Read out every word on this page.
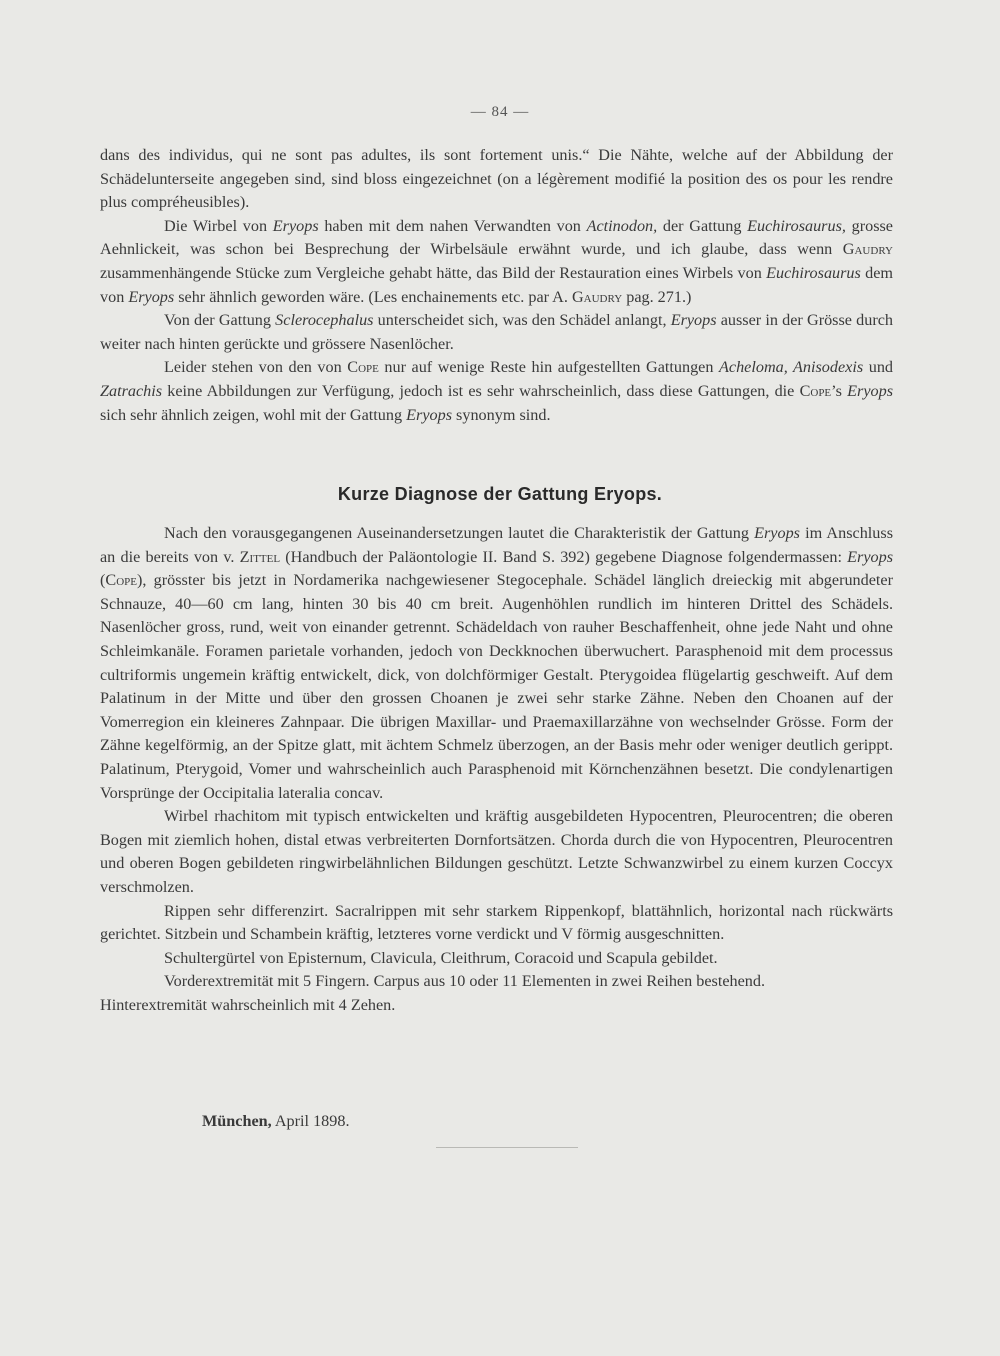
— 84 —

dans des individus, qui ne sont pas adultes, ils sont fortement unis.“ Die Nähte, welche auf der Abbildung der Schädelunterseite angegeben sind, sind bloss eingezeichnet (on a légèrement modifié la position des os pour les rendre plus compréheusibles).

Die Wirbel von Eryops haben mit dem nahen Verwandten von Actinodon, der Gattung Euchirosaurus, grosse Aehnlickeit, was schon bei Besprechung der Wirbelsäule erwähnt wurde, und ich glaube, dass wenn Gaudry zusammenhängende Stücke zum Vergleiche gehabt hätte, das Bild der Restauration eines Wirbels von Euchirosaurus dem von Eryops sehr ähnlich geworden wäre. (Les enchainements etc. par A. Gaudry pag. 271.)

Von der Gattung Sclerocephalus unterscheidet sich, was den Schädel anlangt, Eryops ausser in der Grösse durch weiter nach hinten gerückte und grössere Nasenlöcher.

Leider stehen von den von Cope nur auf wenige Reste hin aufgestellten Gattungen Acheloma, Anisodexis und Zatrachis keine Abbildungen zur Verfügung, jedoch ist es sehr wahrscheinlich, dass diese Gattungen, die Cope’s Eryops sich sehr ähnlich zeigen, wohl mit der Gattung Eryops synonym sind.

Kurze Diagnose der Gattung Eryops.

Nach den vorausgegangenen Auseinandersetzungen lautet die Charakteristik der Gattung Eryops im Anschluss an die bereits von v. Zittel (Handbuch der Paläontologie II. Band S. 392) gegebene Diagnose folgendermassen: Eryops (Cope), grösster bis jetzt in Nordamerika nachgewiesener Stegocephale. Schädel länglich dreieckig mit abgerundeter Schnauze, 40—60 cm lang, hinten 30 bis 40 cm breit. Augenhöhlen rundlich im hinteren Drittel des Schädels. Nasenlöcher gross, rund, weit von einander getrennt. Schädeldach von rauher Beschaffenheit, ohne jede Naht und ohne Schleimkanäle. Foramen parietale vorhanden, jedoch von Deckknochen überwuchert. Parasphenoid mit dem processus cultriformis ungemein kräftig entwickelt, dick, von dolchförmiger Gestalt. Pterygoidea flügelartig geschweift. Auf dem Palatinum in der Mitte und über den grossen Choanen je zwei sehr starke Zähne. Neben den Choanen auf der Vomerregion ein kleineres Zahnpaar. Die übrigen Maxillar- und Praemaxillarzähne von wechselnder Grösse. Form der Zähne kegelförmig, an der Spitze glatt, mit ächtem Schmelz überzogen, an der Basis mehr oder weniger deutlich gerippt. Palatinum, Pterygoid, Vomer und wahrscheinlich auch Parasphenoid mit Körnchenzähnen besetzt. Die condylenartigen Vorsprünge der Occipitalia lateralia concav.

Wirbel rhachitom mit typisch entwickelten und kräftig ausgebildeten Hypocentren, Pleurocentren; die oberen Bogen mit ziemlich hohen, distal etwas verbreiterten Dornfortsätzen. Chorda durch die von Hypocentren, Pleurocentren und oberen Bogen gebildeten ringwirbelähnlichen Bildungen geschützt. Letzte Schwanzwirbel zu einem kurzen Coccyx verschmolzen.

Rippen sehr differenzirt. Sacralrippen mit sehr starkem Rippenkopf, blattähnlich, horizontal nach rückwärts gerichtet. Sitzbein und Schambein kräftig, letzteres vorne verdickt und V förmig ausgeschnitten.

Schultergürtel von Episternum, Clavicula, Cleithrum, Coracoid und Scapula gebildet.

Vorderextremität mit 5 Fingern. Carpus aus 10 oder 11 Elementen in zwei Reihen bestehend.

Hinterextremität wahrscheinlich mit 4 Zehen.

München, April 1898.
